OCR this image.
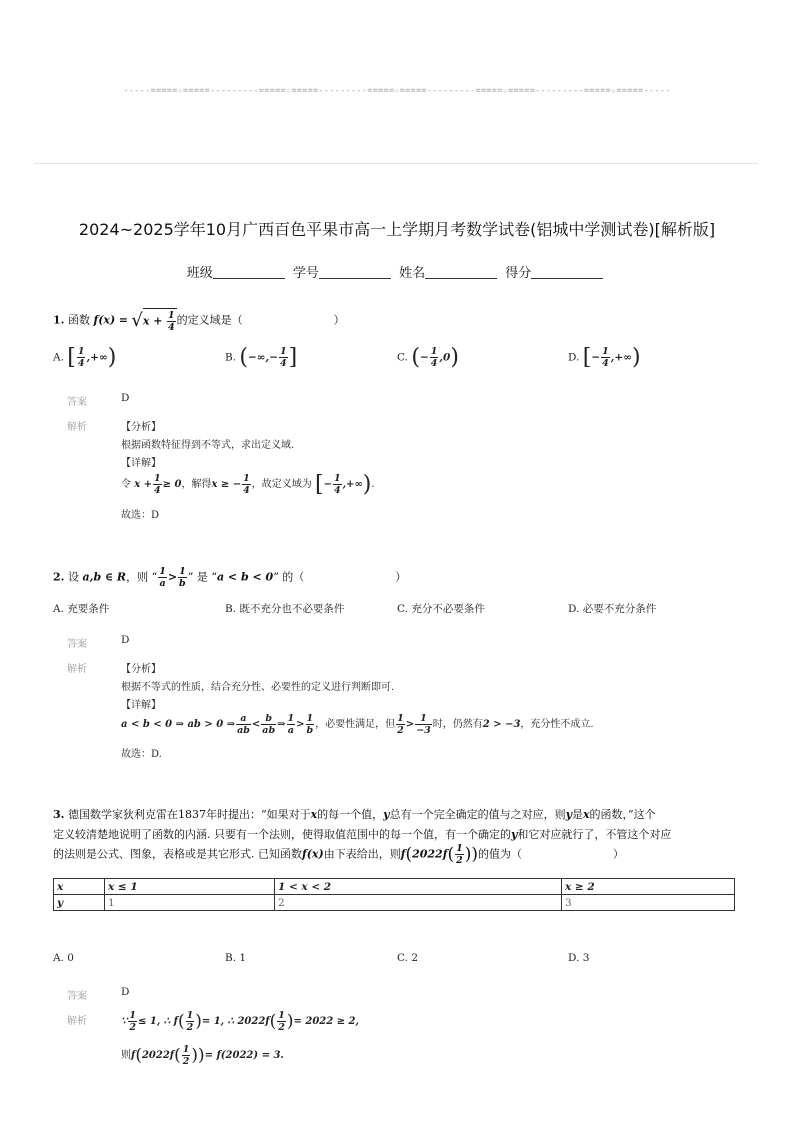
-----=====☆=====---------=====☆=====---------=====☆=====---------=====☆=====---------=====☆=====-----
2024~2025学年10月广西百色平果市高一上学期月考数学试卷(铝城中学测试卷)[解析版]
班级	学号	姓名	得分
1. 函数 $f(x) = √x + \frac{1}{4}$ 的定义域是（	）
A. [ $\frac{1}{4}$ ,+∞)	B. (−∞,− $\frac{1}{4}$ ]	C. (− $\frac{1}{4} ,0$)	D. [− $\frac{1}{4}$ ,+∞)
答案	D
解析	【分析】
根据函数特征得到不等式，求出定义域.
【详解】
令 $x + \frac{1}{4} \ge 0$，解得x ≥ − $\frac{1}{4}$ ，故定义域为 [− $\frac{1}{4}$ ,+∞).
故选：D
2. 设 a,b ∈ R，则 “ $\frac{1}{a} > \frac{1}{b}$ ” 是 “a < b < 0” 的（	）
A. 充要条件	B. 既不充分也不必要条件	C. 充分不必要条件	D. 必要不充分条件
答案	D
解析	【分析】
根据不等式的性质，结合充分性、必要性的定义进行判断即可.
【详解】
a < b < 0 ⇒ ab > 0 ⇒ $\frac{a}{ab} < \frac{b}{ab}$ ⇒ $\frac{1}{a} > \frac{1}{b}$ ，必要性满足，但 $\frac{1}{2} > \frac{1}{-3}$ 时，仍然有2 > −3，充分性不成立.
故选：D.
3. 德国数学家狄利克雷在1837年时提出：“如果对于x的每一个值，y总有一个完全确定的值与之对应，则y是x的函数，”这个
定义较清楚地说明了函数的内涵. 只要有一个法则，使得取值范围中的每一个值，有一个确定的y和它对应就行了，不管这个对应
的法则是公式、图象，表格或是其它形式. 已知函数f(x)由下表给出，则$f(2022f( \frac{1}{2}$ ))的值为（	）
x	x ≤ 1	1 < x < 2	x ≥ 2
y	1	2	3
A. 0	B. 1	C. 2	D. 3
答案	D
解析	∵ $\frac{1}{2} \le 1$, ∴ $f( \frac{1}{2}$ )= 1, ∴ $2022f( \frac{1}{2}$ )= 2022 ≥ 2,
则$f(2022f( \frac{1}{2}$ ))= f(2022) = 3.
